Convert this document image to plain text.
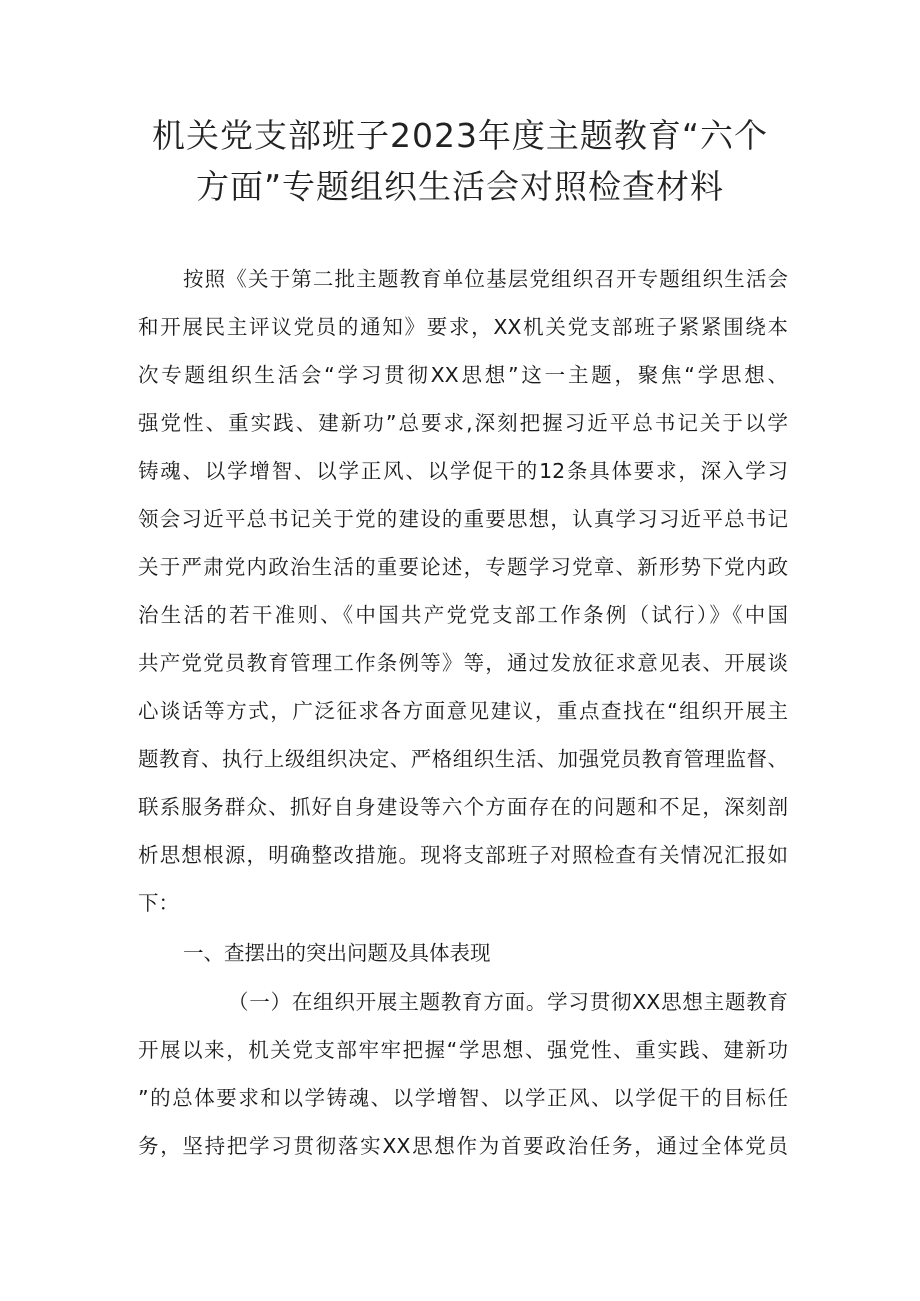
机关党支部班子2023年度主题教育“六个
方面”专题组织生活会对照检查材料
按照《关于第二批主题教育单位基层党组织召开专题组织生活会
和开展民主评议党员的通知》要求，XX机关党支部班子紧紧围绕本
次专题组织生活会“学习贯彻XX思想”这一主题，聚焦“学思想、
强党性、重实践、建新功”总要求,深刻把握习近平总书记关于以学
铸魂、以学增智、以学正风、以学促干的12条具体要求，深入学习
领会习近平总书记关于党的建设的重要思想，认真学习习近平总书记
关于严肃党内政治生活的重要论述，专题学习党章、新形势下党内政
治生活的若干准则、《中国共产党党支部工作条例（试行）》《中国
共产党党员教育管理工作条例等》等，通过发放征求意见表、开展谈
心谈话等方式，广泛征求各方面意见建议，重点查找在“组织开展主
题教育、执行上级组织决定、严格组织生活、加强党员教育管理监督、
联系服务群众、抓好自身建设等六个方面存在的问题和不足，深刻剖
析思想根源，明确整改措施。现将支部班子对照检查有关情况汇报如
下：
一、查摆出的突出问题及具体表现
（一）在组织开展主题教育方面。学习贯彻XX思想主题教育
开展以来，机关党支部牢牢把握“学思想、强党性、重实践、建新功
”的总体要求和以学铸魂、以学增智、以学正风、以学促干的目标任
务，坚持把学习贯彻落实XX思想作为首要政治任务，通过全体党员
